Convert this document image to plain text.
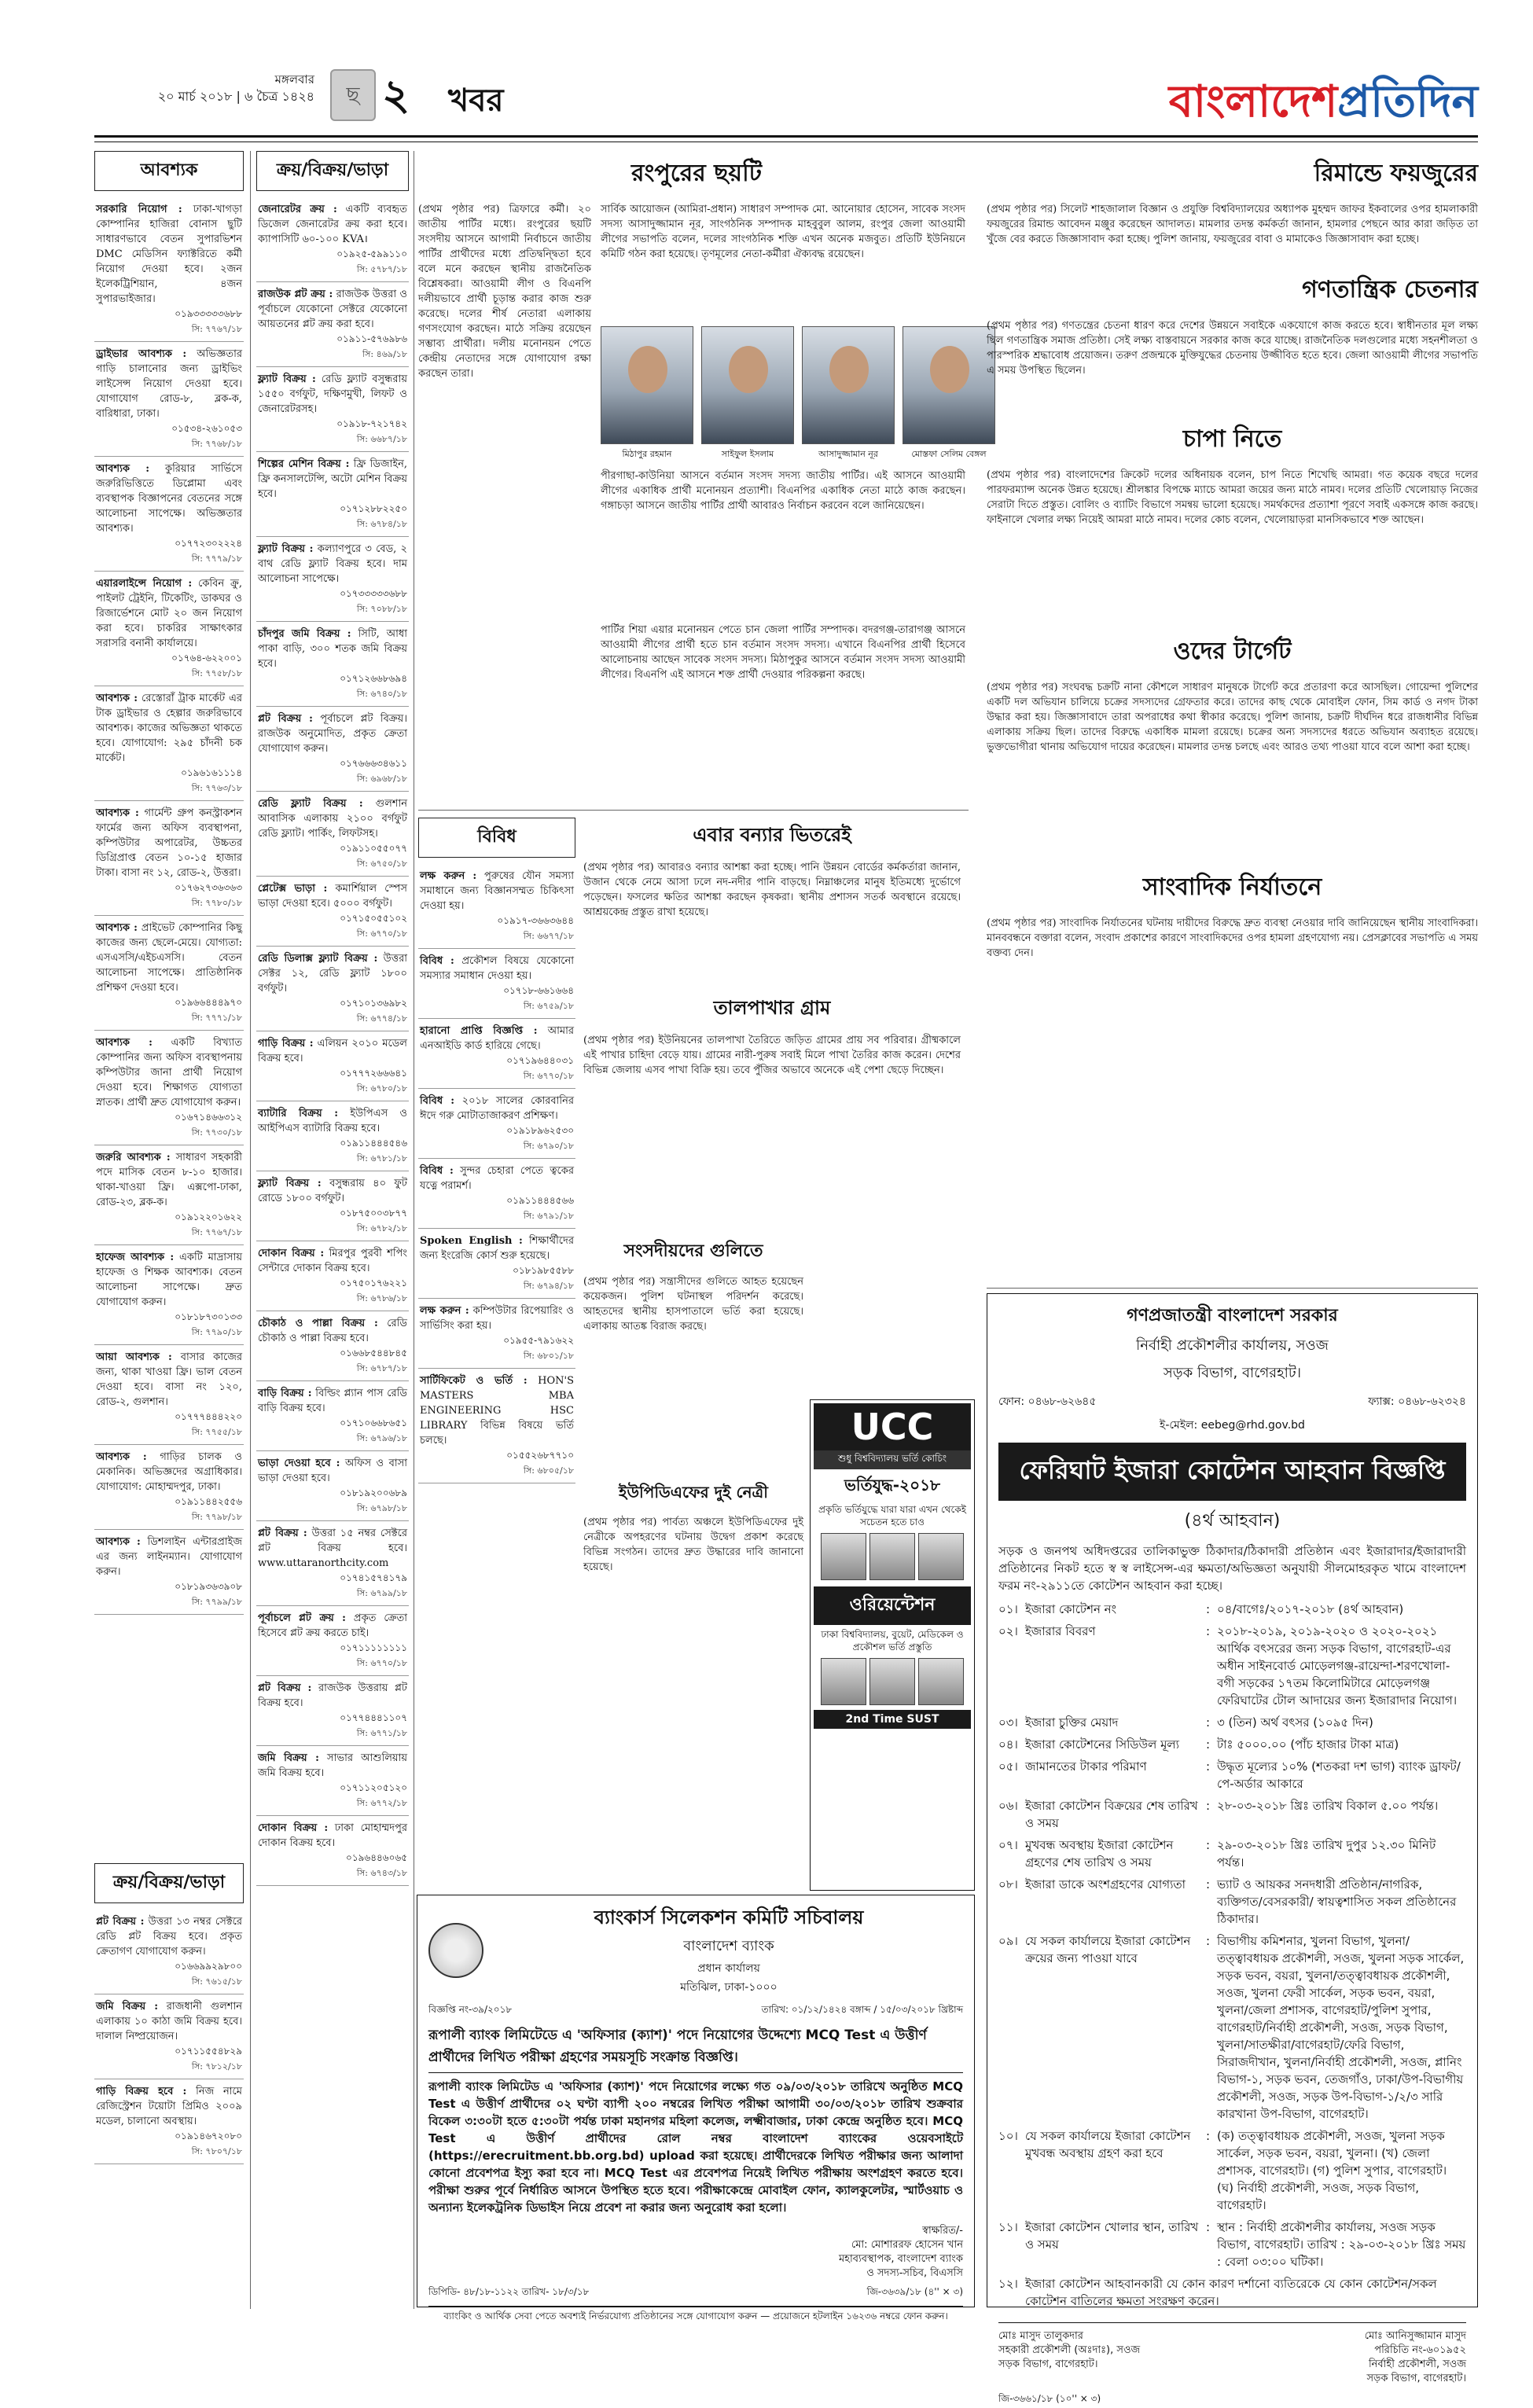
মঙ্গলবার
২০ মার্চ ২০১৮ | ৬ চৈত্র ১৪২৪	ছ ২ খবর	বাংলাদেশপ্রতিদিন
আবশ্যক
সরকারি নিয়োগ : ঢাকা-খাগড়া কোম্পানির হাজিরা বোনাস ছুটি সাধারণভাবে বেতন সুপারভিশন DMC মেডিসিন ফ্যাক্টরিতে কর্মী নিয়োগ দেওয়া হবে। ২জন ইলেকট্রিশিয়ান, ৪জন সুপারভাইজার।
০১৯৩৩৩৩৩৬৮৮
সি: ৭৭৬৭/১৮
ড্রাইভার আবশ্যক : অভিজ্ঞতার গাড়ি চালানোর জন্য ড্রাইভিং লাইসেন্স নিয়োগ দেওয়া হবে। যোগাযোগ রোড-৮, ব্লক-ক, বারিধারা, ঢাকা।
০১৫৩৪-২৬১০৫৩
সি: ৭৭৬৮/১৮
আবশ্যক : কুরিয়ার সার্ভিসে জরুরিভিত্তিতে ডিপ্লোমা এবং ব্যবস্থাপক বিজ্ঞাপনের বেতনের সঙ্গে আলোচনা সাপেক্ষে। অভিজ্ঞতার আবশ্যক।
০১৭৭২৩০২২২৪
সি: ৭৭৭৯/১৮
এয়ারলাইন্সে নিয়োগ : কেবিন ক্রু, পাইলট ট্রেইনি, টিকেটিং, ডাকঘর ও রিজার্ভেশনে মোট ২০ জন নিয়োগ করা হবে। চাকরির সাক্ষাৎকার সরাসরি বনানী কার্যালয়ে।
০১৭৬৪-৬২২০০১
সি: ৭৭৫৮/১৮
আবশ্যক : রেস্তোরাঁ ট্রাক মার্কেট এর টাক ড্রাইভার ও হেল্পার জরুরিভাবে আবশ্যক। কাজের অভিজ্ঞতা থাকতে হবে। যোগাযোগ: ২৯৫ চাঁদনী চক মার্কেট।
০১৯৬১৬১১১৪
সি: ৭৭৬৩/১৮
আবশ্যক : গার্মেন্ট গ্রুপ কনস্ট্রাকশন ফার্মের জন্য অফিস ব্যবস্থাপনা, কম্পিউটার অপারেটর, উচ্চতর ডিগ্রিপ্রাপ্ত বেতন ১০-১৫ হাজার টাকা। বাসা নং ১২, রোড-২, উত্তরা।
০১৭৬২৭৩৬৩৬৩
সি: ৭৭৮০/১৮
আবশ্যক : প্রাইভেট কোম্পানির কিছু কাজের জন্য ছেলে-মেয়ে। যোগ্যতা: এসএসসি/এইচএসসি। বেতন আলোচনা সাপেক্ষে। প্রাতিষ্ঠানিক প্রশিক্ষণ দেওয়া হবে।
০১৯৬৬৪৪৪৯৭০
সি: ৭৭৭১/১৮
আবশ্যক : একটি বিখ্যাত কোম্পানির জন্য অফিস ব্যবস্থাপনায় কম্পিউটার জানা প্রার্থী নিয়োগ দেওয়া হবে। শিক্ষাগত যোগ্যতা স্নাতক। প্রার্থী দ্রুত যোগাযোগ করুন।
০১৬৭১৪৬৬৩১২
সি: ৭৭৩০/১৮
জরুরি আবশ্যক : সাধারণ সহকারী পদে মাসিক বেতন ৮-১০ হাজার। থাকা-খাওয়া ফ্রি। এক্সপো-ঢাকা, রোড-২৩, ব্লক-ক।
০১৯১২২০১৬২২
সি: ৭৭৬৭/১৮
হাফেজ আবশ্যক : একটি মাদ্রাসায় হাফেজ ও শিক্ষক আবশ্যক। বেতন আলোচনা সাপেক্ষে। দ্রুত যোগাযোগ করুন।
০১৮১৮৭৩০১৩৩
সি: ৭৭৯০/১৮
আয়া আবশ্যক : বাসার কাজের জন্য, থাকা খাওয়া ফ্রি। ভাল বেতন দেওয়া হবে। বাসা নং ১২০, রোড-২, গুলশান।
০১৭৭৭৪৪৪২২০
সি: ৭৭৫৫/১৮
আবশ্যক : গাড়ির চালক ও মেকানিক। অভিজ্ঞদের অগ্রাধিকার। যোগাযোগ: মোহাম্মদপুর, ঢাকা।
০১৯১১৪৪২৫৫৬
সি: ৭৭৯৮/১৮
আবশ্যক : ডিশলাইন এন্টারপ্রাইজ এর জন্য লাইনম্যান। যোগাযোগ করুন।
০১৮১৯৩৬৩৯০৮
সি: ৭৭৯৯/১৮
ক্রয়/বিক্রয়/ভাড়া
প্লট বিক্রয় : উত্তরা ১৩ নম্বর সেক্টরে রেডি প্লট বিক্রয় হবে। প্রকৃত ক্রেতাগণ যোগাযোগ করুন।
০১৬৬৯৯২৯৮০০
সি: ৭৬১৫/১৮
জমি বিক্রয় : রাজধানী গুলশান এলাকায় ১০ কাঠা জমি বিক্রয় হবে। দালাল নিষ্প্রয়োজন।
০১৭১১৫৫৪৮২৯
সি: ৭৮১২/১৮
গাড়ি বিক্রয় হবে : নিজ নামে রেজিস্ট্রেশন টয়োটা প্রিমিও ২০০৯ মডেল, চালানো অবস্থায়।
০১৯১৪৬৭২০৮০
সি: ৭৮০৭/১৮
ক্রয়/বিক্রয়/ভাড়া
জেনারেটর ক্রয় : একটি ব্যবহৃত ডিজেল জেনারেটর ক্রয় করা হবে। ক্যাপাসিটি ৬০-১০০ KVA।
০১৯২৫-৫৯৯১১০
সি: ৫৭৮৭/১৮
রাজউক প্লট ক্রয় : রাজউক উত্তরা ও পূর্বাচলে যেকোনো সেক্টরে যেকোনো আয়তনের প্লট ক্রয় করা হবে।
০১৯১১-৫৭৬৯৮৬
সি: ৪৬৯/১৮
ফ্ল্যাট বিক্রয় : রেডি ফ্ল্যাট বসুন্ধরায় ১৫৫০ বর্গফুট, দক্ষিণমুখী, লিফট ও জেনারেটরসহ।
০১৯১৮-৭২১৭৪২
সি: ৬৬৮৭/১৮
শিল্পের মেশিন বিক্রয় : ফ্রি ডিজাইন, ফ্রি কনসালটেন্সি, অটো মেশিন বিক্রয় হবে।
০১৭১২৮৮২২৫০
সি: ৬৭৮৪/১৮
ফ্ল্যাট বিক্রয় : কল্যাণপুরে ৩ বেড, ২ বাথ রেডি ফ্ল্যাট বিক্রয় হবে। দাম আলোচনা সাপেক্ষে।
০১৭৩৩৩৩৩৬৮৮
সি: ৭০৮৮/১৮
চাঁদপুর জমি বিক্রয় : সিটি, আধা পাকা বাড়ি, ৩০০ শতক জমি বিক্রয় হবে।
০১৭১২৬৬৮৬৯৪
সি: ৬৭৪০/১৮
প্লট বিক্রয় : পূর্বাচলে প্লট বিক্রয়। রাজউক অনুমোদিত, প্রকৃত ক্রেতা যোগাযোগ করুন।
০১৭৬৬৬৩৪৬১১
সি: ৬৯৬৮/১৮
রেডি ফ্ল্যাট বিক্রয় : গুলশান আবাসিক এলাকায় ২১০০ বর্গফুট রেডি ফ্ল্যাট। পার্কিং, লিফটসহ।
০১৯১১০৫৫০৭৭
সি: ৬৭৫০/১৮
প্লেটেক্স ভাড়া : কমার্শিয়াল স্পেস ভাড়া দেওয়া হবে। ৫০০০ বর্গফুট।
০১৭১৫০৫৫১০২
সি: ৬৭৭০/১৮
রেডি ডিলাক্স ফ্ল্যাট বিক্রয় : উত্তরা সেক্টর ১২, রেডি ফ্ল্যাট ১৮০০ বর্গফুট।
০১৭১০১৩৬৯৮২
সি: ৬৭৭৪/১৮
গাড়ি বিক্রয় : এলিয়ন ২০১০ মডেল বিক্রয় হবে।
০১৭৭৭২৬৬৬৪১
সি: ৬৭৮০/১৮
ব্যাটারি বিক্রয় : ইউপিএস ও আইপিএস ব্যাটারি বিক্রয় হবে।
০১৯১১৪৪৪৫৪৬
সি: ৬৭৮১/১৮
ফ্ল্যাট বিক্রয় : বসুন্ধরায় ৪০ ফুট রোডে ১৮০০ বর্গফুট।
০১৮৭৫০০৩৮৭৭
সি: ৬৭৮২/১৮
দোকান বিক্রয় : মিরপুর পুরবী শপিং সেন্টারে দোকান বিক্রয় হবে।
০১৭৫০১৭৬২২১
সি: ৬৭৮৬/১৮
চৌকাঠ ও পাল্লা বিক্রয় : রেডি চৌকাঠ ও পাল্লা বিক্রয় হবে।
০১৬৬৮৫৪৪৮৪৫
সি: ৬৭৮৭/১৮
বাড়ি বিক্রয় : বিল্ডিং প্ল্যান পাস রেডি বাড়ি বিক্রয় হবে।
০১৭১০৬৬৮৬৫১
সি: ৬৭৯৬/১৮
ভাড়া দেওয়া হবে : অফিস ও বাসা ভাড়া দেওয়া হবে।
০১৮১৯২০০৬৮৯
সি: ৬৭৯৮/১৮
প্লট বিক্রয় : উত্তরা ১৫ নম্বর সেক্টরে প্লট বিক্রয় হবে। www.uttaranorthcity.com
০১৭৪১৫৭৪১৭৯
সি: ৬৭৯৯/১৮
পূর্বাচলে প্লট ক্রয় : প্রকৃত ক্রেতা হিসেবে প্লট ক্রয় করতে চাই।
০১৭১১১১১১১১
সি: ৬৭৭০/১৮
প্লট বিক্রয় : রাজউক উত্তরায় প্লট বিক্রয় হবে।
০১৭৭৪৪৪১১০৭
সি: ৬৭৭১/১৮
জমি বিক্রয় : সাভার আশুলিয়ায় জমি বিক্রয় হবে।
০১৭১১২০৫১২০
সি: ৬৭৭২/১৮
দোকান বিক্রয় : ঢাকা মোহাম্মদপুর দোকান বিক্রয় হবে।
০১৯৬৪৪৬০৬৫
সি: ৬৭৪৩/১৮
বিবিধ
লক্ষ করুন : পুরুষের যৌন সমস্যা সমাধানে জন্য বিজ্ঞানসম্মত চিকিৎসা দেওয়া হয়।
০১৯১৭-৩৬৬৩৬৪৪
সি: ৬৬৭৭/১৮
বিবিধ : প্রকৌশল বিষয়ে যেকোনো সমস্যার সমাধান দেওয়া হয়।
০১৭১৮-৬৬১৬৬৪
সি: ৬৭৫৯/১৮
হারানো প্রাপ্তি বিজ্ঞপ্তি : আমার এনআইডি কার্ড হারিয়ে গেছে।
০১৭১৯৬৪৪০৩১
সি: ৬৭৭০/১৮
বিবিধ : ২০১৮ সালের কোরবানির ঈদে গরু মোটাতাজাকরণ প্রশিক্ষণ।
০১৯১৮৯৬২৫৩০
সি: ৬৭৯০/১৮
বিবিধ : সুন্দর চেহারা পেতে ত্বকের যত্নে পরামর্শ।
০১৯১১৪৪৪৫৬৬
সি: ৬৭৯১/১৮
Spoken English : শিক্ষার্থীদের জন্য ইংরেজি কোর্স শুরু হয়েছে।
০১৮১৯৮৫৫৮৮
সি: ৬৭৯৪/১৮
লক্ষ করুন : কম্পিউটার রিপেয়ারিং ও সার্ভিসিং করা হয়।
০১৯৫৫-৭৯১৬২২
সি: ৬৮০১/১৮
সার্টিফিকেট ও ভর্তি : HON'S MASTERS MBA ENGINEERING HSC LIBRARY বিভিন্ন বিষয়ে ভর্তি চলছে।
০১৫৫২৬৮৭৭১০
সি: ৬৮০৫/১৮
রংপুরের ছয়টি
(প্রথম পৃষ্ঠার পর) ত্রিফারে কর্মী। ২০ জাতীয় পার্টির মধ্যে। রংপুরের ছয়টি সংসদীয় আসনে আগামী নির্বাচনে জাতীয় পার্টির প্রার্থীদের মধ্যে প্রতিদ্বন্দ্বিতা হবে বলে মনে করছেন স্থানীয় রাজনৈতিক বিশ্লেষকরা। আওয়ামী লীগ ও বিএনপি দলীয়ভাবে প্রার্থী চূড়ান্ত করার কাজ শুরু করেছে। দলের শীর্ষ নেতারা এলাকায় গণসংযোগ করছেন। মাঠে সক্রিয় রয়েছেন সম্ভাব্য প্রার্থীরা। দলীয় মনোনয়ন পেতে কেন্দ্রীয় নেতাদের সঙ্গে যোগাযোগ রক্ষা করছেন তারা।
সার্বিক আয়োজন (আমিরা-প্রধান) সাধারণ সম্পাদক মো. আনোয়ার হোসেন, সাবেক সংসদ সদস্য আসাদুজ্জামান নূর, সাংগঠনিক সম্পাদক মাহবুবুল আলম, রংপুর জেলা আওয়ামী লীগের সভাপতি বলেন, দলের সাংগঠনিক শক্তি এখন অনেক মজবুত। প্রতিটি ইউনিয়নে কমিটি গঠন করা হয়েছে। তৃণমূলের নেতা-কর্মীরা ঐক্যবদ্ধ রয়েছেন।
মিঠাপুর রহমান	সাইফুল ইসলাম	আসাদুজ্জামান নূর	মোস্তফা সেলিম বেঙ্গল
পীরগাছা-কাউনিয়া আসনে বর্তমান সংসদ সদস্য জাতীয় পার্টির। এই আসনে আওয়ামী লীগের একাধিক প্রার্থী মনোনয়ন প্রত্যাশী। বিএনপির একাধিক নেতা মাঠে কাজ করছেন। গঙ্গাচড়া আসনে জাতীয় পার্টির প্রার্থী আবারও নির্বাচন করবেন বলে জানিয়েছেন।
পার্টির শিয়া এয়ার মনোনয়ন পেতে চান জেলা পার্টির সম্পাদক। বদরগঞ্জ-তারাগঞ্জ আসনে আওয়ামী লীগের প্রার্থী হতে চান বর্তমান সংসদ সদস্য। এখানে বিএনপির প্রার্থী হিসেবে আলোচনায় আছেন সাবেক সংসদ সদস্য। মিঠাপুকুর আসনে বর্তমান সংসদ সদস্য আওয়ামী লীগের। বিএনপি এই আসনে শক্ত প্রার্থী দেওয়ার পরিকল্পনা করছে।
এবার বন্যার ভিতরেই
(প্রথম পৃষ্ঠার পর) আবারও বন্যার আশঙ্কা করা হচ্ছে। পানি উন্নয়ন বোর্ডের কর্মকর্তারা জানান, উজান থেকে নেমে আসা ঢলে নদ-নদীর পানি বাড়ছে। নিম্নাঞ্চলের মানুষ ইতিমধ্যে দুর্ভোগে পড়েছেন। ফসলের ক্ষতির আশঙ্কা করছেন কৃষকরা। স্থানীয় প্রশাসন সতর্ক অবস্থানে রয়েছে। আশ্রয়কেন্দ্র প্রস্তুত রাখা হয়েছে।
তালপাখার গ্রাম
(প্রথম পৃষ্ঠার পর) ইউনিয়নের তালপাখা তৈরিতে জড়িত গ্রামের প্রায় সব পরিবার। গ্রীষ্মকালে এই পাখার চাহিদা বেড়ে যায়। গ্রামের নারী-পুরুষ সবাই মিলে পাখা তৈরির কাজ করেন। দেশের বিভিন্ন জেলায় এসব পাখা বিক্রি হয়। তবে পুঁজির অভাবে অনেকে এই পেশা ছেড়ে দিচ্ছেন।
সংসদীয়দের গুলিতে
(প্রথম পৃষ্ঠার পর) সন্ত্রাসীদের গুলিতে আহত হয়েছেন কয়েকজন। পুলিশ ঘটনাস্থল পরিদর্শন করেছে। আহতদের স্থানীয় হাসপাতালে ভর্তি করা হয়েছে। এলাকায় আতঙ্ক বিরাজ করছে।
ইউপিডিএফের দুই নেত্রী
(প্রথম পৃষ্ঠার পর) পার্বত্য অঞ্চলে ইউপিডিএফের দুই নেত্রীকে অপহরণের ঘটনায় উদ্বেগ প্রকাশ করেছে বিভিন্ন সংগঠন। তাদের দ্রুত উদ্ধারের দাবি জানানো হয়েছে।
UCC
শুধু বিশ্ববিদ্যালয় ভর্তি কোচিং
ভর্তিযুদ্ধ-২০১৮
প্রকৃতি ভর্তিযুদ্ধে যারা যারা এখন থেকেই সচেতন হতে চাও
ওরিয়েন্টেশন
ঢাকা বিশ্ববিদ্যালয়, বুয়েট, মেডিকেল ও প্রকৌশল ভর্তি প্রস্তুতি
2nd Time SUST
রিমান্ডে ফয়জুরের
(প্রথম পৃষ্ঠার পর) সিলেট শাহজালাল বিজ্ঞান ও প্রযুক্তি বিশ্ববিদ্যালয়ের অধ্যাপক মুহম্মদ জাফর ইকবালের ওপর হামলাকারী ফয়জুরের রিমান্ড আবেদন মঞ্জুর করেছেন আদালত। মামলার তদন্ত কর্মকর্তা জানান, হামলার পেছনে আর কারা জড়িত তা খুঁজে বের করতে জিজ্ঞাসাবাদ করা হচ্ছে। পুলিশ জানায়, ফয়জুরের বাবা ও মামাকেও জিজ্ঞাসাবাদ করা হচ্ছে।
গণতান্ত্রিক চেতনার
(প্রথম পৃষ্ঠার পর) গণতন্ত্রের চেতনা ধারণ করে দেশের উন্নয়নে সবাইকে একযোগে কাজ করতে হবে। স্বাধীনতার মূল লক্ষ্য ছিল গণতান্ত্রিক সমাজ প্রতিষ্ঠা। সেই লক্ষ্য বাস্তবায়নে সরকার কাজ করে যাচ্ছে। রাজনৈতিক দলগুলোর মধ্যে সহনশীলতা ও পারস্পরিক শ্রদ্ধাবোধ প্রয়োজন। তরুণ প্রজন্মকে মুক্তিযুদ্ধের চেতনায় উজ্জীবিত হতে হবে। জেলা আওয়ামী লীগের সভাপতি এ সময় উপস্থিত ছিলেন।
চাপা নিতে
(প্রথম পৃষ্ঠার পর) বাংলাদেশের ক্রিকেট দলের অধিনায়ক বলেন, চাপ নিতে শিখেছি আমরা। গত কয়েক বছরে দলের পারফরম্যান্স অনেক উন্নত হয়েছে। শ্রীলঙ্কার বিপক্ষে ম্যাচে আমরা জয়ের জন্য মাঠে নামব। দলের প্রতিটি খেলোয়াড় নিজের সেরাটা দিতে প্রস্তুত। বোলিং ও ব্যাটিং বিভাগে সমন্বয় ভালো হয়েছে। সমর্থকদের প্রত্যাশা পূরণে সবাই একসঙ্গে কাজ করছে। ফাইনালে খেলার লক্ষ্য নিয়েই আমরা মাঠে নামব। দলের কোচ বলেন, খেলোয়াড়রা মানসিকভাবে শক্ত আছেন।
ওদের টার্গেট
(প্রথম পৃষ্ঠার পর) সংঘবদ্ধ চক্রটি নানা কৌশলে সাধারণ মানুষকে টার্গেট করে প্রতারণা করে আসছিল। গোয়েন্দা পুলিশের একটি দল অভিযান চালিয়ে চক্রের সদস্যদের গ্রেফতার করে। তাদের কাছ থেকে মোবাইল ফোন, সিম কার্ড ও নগদ টাকা উদ্ধার করা হয়। জিজ্ঞাসাবাদে তারা অপরাধের কথা স্বীকার করেছে। পুলিশ জানায়, চক্রটি দীর্ঘদিন ধরে রাজধানীর বিভিন্ন এলাকায় সক্রিয় ছিল। তাদের বিরুদ্ধে একাধিক মামলা রয়েছে। চক্রের অন্য সদস্যদের ধরতে অভিযান অব্যাহত রয়েছে। ভুক্তভোগীরা থানায় অভিযোগ দায়ের করেছেন। মামলার তদন্ত চলছে এবং আরও তথ্য পাওয়া যাবে বলে আশা করা হচ্ছে।
সাংবাদিক নির্যাতনে
(প্রথম পৃষ্ঠার পর) সাংবাদিক নির্যাতনের ঘটনায় দায়ীদের বিরুদ্ধে দ্রুত ব্যবস্থা নেওয়ার দাবি জানিয়েছেন স্থানীয় সাংবাদিকরা। মানববন্ধনে বক্তারা বলেন, সংবাদ প্রকাশের কারণে সাংবাদিকদের ওপর হামলা গ্রহণযোগ্য নয়। প্রেসক্লাবের সভাপতি এ সময় বক্তব্য দেন।
গণপ্রজাতন্ত্রী বাংলাদেশ সরকার
নির্বাহী প্রকৌশলীর কার্যালয়, সওজ
সড়ক বিভাগ, বাগেরহাট।
ফোন: ০৪৬৮-৬২৬৪৫	ফ্যাক্স: ০৪৬৮-৬২৩২৪
ই-মেইল: eebeg@rhd.gov.bd
ফেরিঘাট ইজারা কোটেশন আহবান বিজ্ঞপ্তি
(৪র্থ আহবান)
সড়ক ও জনপথ অধিদপ্তরের তালিকাভুক্ত ঠিকাদার/ঠিকাদারী প্রতিষ্ঠান এবং ইজারাদার/ইজারাদারী প্রতিষ্ঠানের নিকট হতে স্ব স্ব লাইসেন্স-এর ক্ষমতা/অভিজ্ঞতা অনুযায়ী সীলমোহরকৃত খামে বাংলাদেশ ফরম নং-২৯১১তে কোটেশন আহবান করা হচ্ছে।
০১। ইজারা কোটেশন নং	: ০৪/বাগেঃ/২০১৭-২০১৮ (৪র্থ আহবান)
০২। ইজারার বিবরণ	: ২০১৮-২০১৯, ২০১৯-২০২০ ও ২০২০-২০২১ আর্থিক বৎসরের জন্য সড়ক বিভাগ, বাগেরহাট-এর অধীন সাইনবোর্ড মোড়েলগঞ্জ-রায়েন্দা-শরণখোলা-বগী সড়কের ১৭তম কিলোমিটারে মোড়েলগঞ্জ ফেরিঘাটের টোল আদায়ের জন্য ইজারাদার নিয়োগ।
০৩। ইজারা চুক্তির মেয়াদ	: ৩ (তিন) অর্থ বৎসর (১০৯৫ দিন)
০৪। ইজারা কোটেশনের সিডিউল মূল্য	: টাঃ ৫০০০.০০ (পাঁচ হাজার টাকা মাত্র)
০৫। জামানতের টাকার পরিমাণ	: উদ্ধৃত মূল্যের ১০% (শতকরা দশ ভাগ) ব্যাংক ড্রাফট/পে-অর্ডার আকারে
০৬। ইজারা কোটেশন বিক্রয়ের শেষ তারিখ ও সময়
: ২৮-০৩-২০১৮ খ্রিঃ তারিখ বিকাল ৫.০০ পর্যন্ত।
০৭। মুখবন্ধ অবস্থায় ইজারা কোটেশন গ্রহণের শেষ তারিখ ও সময়
: ২৯-০৩-২০১৮ খ্রিঃ তারিখ দুপুর ১২.৩০ মিনিট পর্যন্ত।
০৮। ইজারা ডাকে অংশগ্রহণের যোগ্যতা	: ভ্যাট ও আয়কর সনদধারী প্রতিষ্ঠান/নাগরিক, ব্যক্তিগত/বেসরকারী/ স্বায়ত্বশাসিত সকল প্রতিষ্ঠানের ঠিকাদার।
০৯। যে সকল কার্যালয়ে ইজারা কোটেশন ক্রয়ের জন্য পাওয়া যাবে
: বিভাগীয় কমিশনার, খুলনা বিভাগ, খুলনা/তত্ত্বাবধায়ক প্রকৌশলী, সওজ, খুলনা সড়ক সার্কেল, সড়ক ভবন, বয়রা, খুলনা/তত্ত্বাবধায়ক প্রকৌশলী, সওজ, খুলনা ফেরী সার্কেল, সড়ক ভবন, বয়রা, খুলনা/জেলা প্রশাসক, বাগেরহাট/পুলিশ সুপার, বাগেরহাট/নির্বাহী প্রকৌশলী, সওজ, সড়ক বিভাগ, খুলনা/সাতক্ষীরা/বাগেরহাট/ফেরি বিভাগ, সিরাজদীখান, খুলনা/নির্বাহী প্রকৌশলী, সওজ, প্লানিং বিভাগ-১, সড়ক ভবন, তেজগাঁও, ঢাকা/উপ-বিভাগীয় প্রকৌশলী, সওজ, সড়ক উপ-বিভাগ-১/২/৩ সারি কারখানা উপ-বিভাগ, বাগেরহাট।
১০। যে সকল কার্যালয়ে ইজারা কোটেশন মুখবন্ধ অবস্থায় গ্রহণ করা হবে
: (ক) তত্ত্বাবধায়ক প্রকৌশলী, সওজ, খুলনা সড়ক সার্কেল, সড়ক ভবন, বয়রা, খুলনা। (খ) জেলা প্রশাসক, বাগেরহাট। (গ) পুলিশ সুপার, বাগেরহাট। (ঘ) নির্বাহী প্রকৌশলী, সওজ, সড়ক বিভাগ, বাগেরহাট।
১১। ইজারা কোটেশন খোলার স্থান, তারিখ ও সময়
: স্থান : নির্বাহী প্রকৌশলীর কার্যালয়, সওজ সড়ক বিভাগ, বাগেরহাট। তারিখ : ২৯-০৩-২০১৮ খ্রিঃ সময় : বেলা ০৩:০০ ঘটিকা।
১২। ইজারা কোটেশন আহবানকারী যে কোন কারণ দর্শানো ব্যতিরেকে যে কোন কোটেশন/সকল কোটেশন বাতিলের ক্ষমতা সংরক্ষণ করেন।
মোঃ মাসুদ তালুকদার
সহকারী প্রকৌশলী (অঃদাঃ), সওজ
সড়ক বিভাগ, বাগেরহাট।
মোঃ আনিসুজ্জামান মাসুদ
পরিচিতি নং-৬০১৯৫২
নির্বাহী প্রকৌশলী, সওজ
সড়ক বিভাগ, বাগেরহাট।
জি-৩৬৬১/১৮ (১০'' × ৩)
ব্যাংকার্স সিলেকশন কমিটি সচিবালয়
বাংলাদেশ ব্যাংক
প্রধান কার্যালয়
মতিঝিল, ঢাকা-১০০০
বিজ্ঞপ্তি নং-৩৯/২০১৮	তারিখ: ০১/১২/১৪২৪ বঙ্গাব্দ / ১৫/০৩/২০১৮ খ্রিষ্টাব্দ
রূপালী ব্যাংক লিমিটেডে এ 'অফিসার (ক্যাশ)' পদে নিয়োগের উদ্দেশ্যে MCQ Test এ উত্তীর্ণ প্রার্থীদের লিখিত পরীক্ষা গ্রহণের সময়সূচি সংক্রান্ত বিজ্ঞপ্তি।
রূপালী ব্যাংক লিমিটেড এ 'অফিসার (ক্যাশ)' পদে নিয়োগের লক্ষ্যে গত ০৯/০৩/২০১৮ তারিখে অনুষ্ঠিত MCQ Test এ উত্তীর্ণ প্রার্থীদের ০২ ঘণ্টা ব্যাপী ২০০ নম্বরের লিখিত পরীক্ষা আগামী ৩০/০৩/২০১৮ তারিখ শুক্রবার বিকেল ৩:৩০টা হতে ৫:৩০টা পর্যন্ত ঢাকা মহানগর মহিলা কলেজ, লক্ষ্মীবাজার, ঢাকা কেন্দ্রে অনুষ্ঠিত হবে। MCQ Test এ উত্তীর্ণ প্রার্থীদের রোল নম্বর বাংলাদেশ ব্যাংকের ওয়েবসাইটে (https://erecruitment.bb.org.bd) upload করা হয়েছে। প্রার্থীদেরকে লিখিত পরীক্ষার জন্য আলাদা কোনো প্রবেশপত্র ইস্যু করা হবে না। MCQ Test এর প্রবেশপত্র নিয়েই লিখিত পরীক্ষায় অংশগ্রহণ করতে হবে। পরীক্ষা শুরুর পূর্বে নির্ধারিত আসনে উপস্থিত হতে হবে। পরীক্ষাকেন্দ্রে মোবাইল ফোন, ক্যালকুলেটর, স্মার্টওয়াচ ও অন্যান্য ইলেকট্রনিক ডিভাইস নিয়ে প্রবেশ না করার জন্য অনুরোধ করা হলো।
স্বাক্ষরিত/-
মো: মোশাররফ হোসেন খান
মহাব্যবস্থাপক, বাংলাদেশ ব্যাংক
ও সদস্য-সচিব, বিএসসি
ডিপিডি- ৪৮/১৮-১১২২ তারিখ- ১৮/৩/১৮	জি-৩৬৩৯/১৮ (৪'' × ৩)
ব্যাংকিং ও আর্থিক সেবা পেতে অবশ্যই নির্ভরযোগ্য প্রতিষ্ঠানের সঙ্গে যোগাযোগ করুন — প্রয়োজনে হটলাইন ১৬২৩৬ নম্বরে ফোন করুন।
